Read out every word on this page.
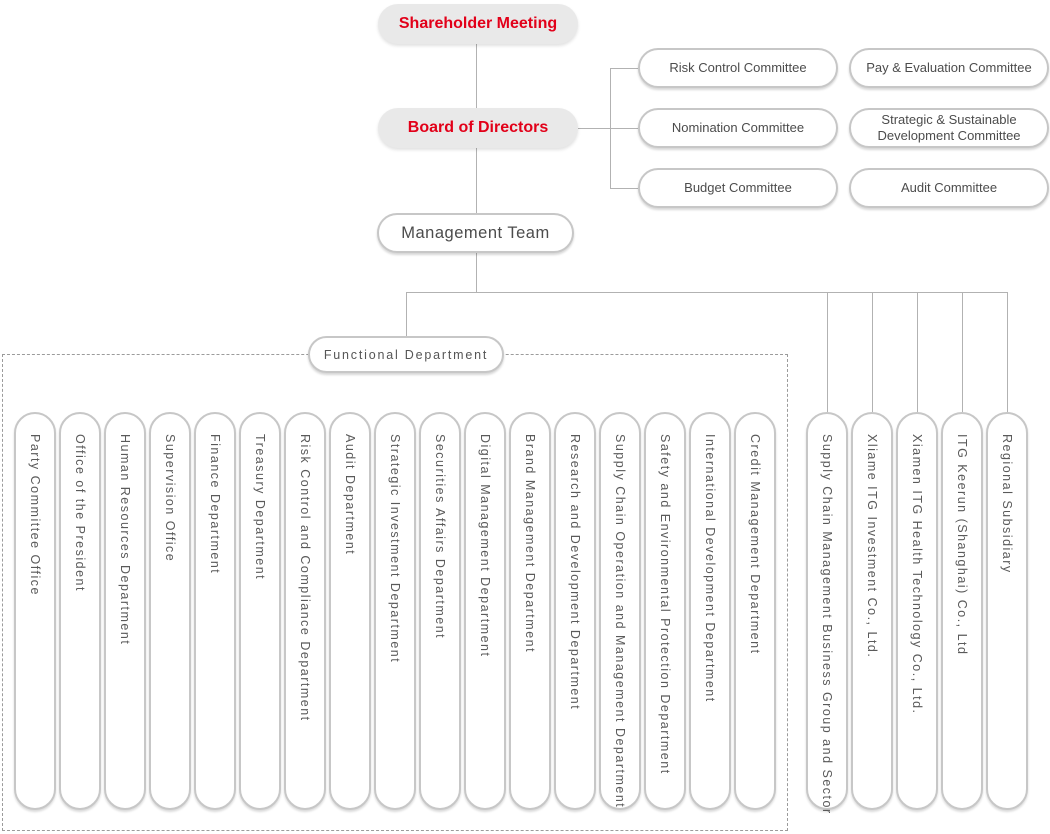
Shareholder Meeting
Board of Directors
Management Team
Functional Department
Risk Control Committee	Pay & Evaluation Committee
Nomination Committee
Strategic & Sustainable Development Committee
Budget Committee	Audit Committee
Party Committee Office Office of the President Human Resources Department Supervision Office Finance Department Treasury Department Risk Control and Compliance Department Audit Department Strategic Investment Department Securities Affairs Department Digital Management Department Brand Management Department Research and Development Department Supply Chain Operation and Management Department Safety and Environmental Protection Department International Development Department Credit Management Department	Supply Chain Management Business Group and Sector Xliame ITG Investment Co., Ltd. Xiamen ITG Health Technology Co., Ltd. ITG Keerun (Shanghai) Co., Ltd Regional Subsidiary
